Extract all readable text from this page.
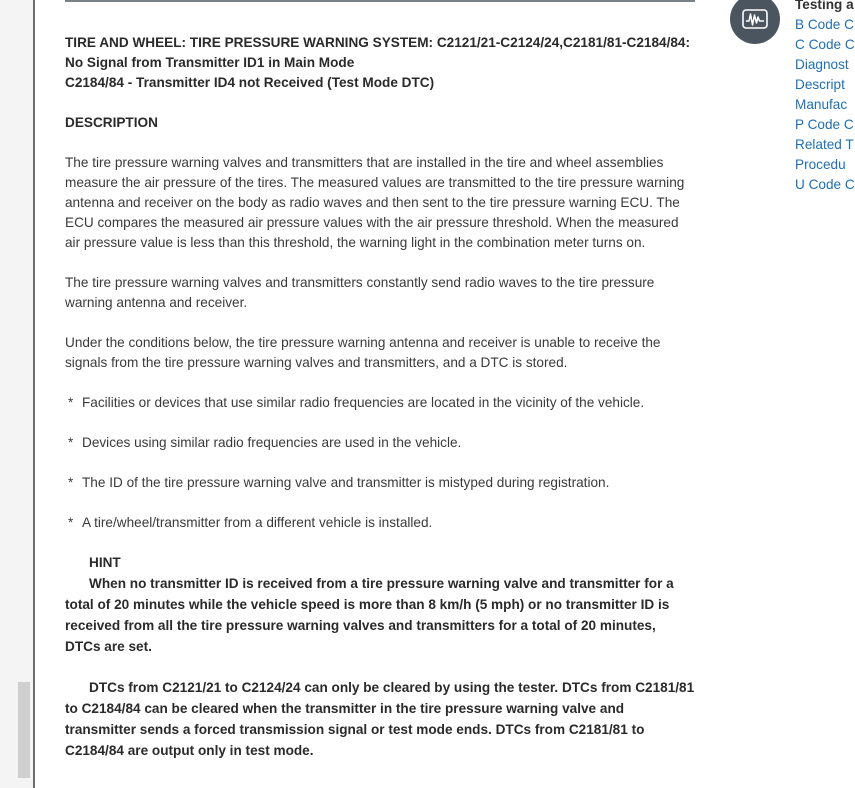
TIRE AND WHEEL: TIRE PRESSURE WARNING SYSTEM: C2121/21-C2124/24,C2181/81-C2184/84: No Signal from Transmitter ID1 in Main Mode
C2184/84 - Transmitter ID4 not Received (Test Mode DTC)
DESCRIPTION

The tire pressure warning valves and transmitters that are installed in the tire and wheel assemblies measure the air pressure of the tires. The measured values are transmitted to the tire pressure warning antenna and receiver on the body as radio waves and then sent to the tire pressure warning ECU. The ECU compares the measured air pressure values with the air pressure threshold. When the measured air pressure value is less than this threshold, the warning light in the combination meter turns on.

The tire pressure warning valves and transmitters constantly send radio waves to the tire pressure warning antenna and receiver.

Under the conditions below, the tire pressure warning antenna and receiver is unable to receive the signals from the tire pressure warning valves and transmitters, and a DTC is stored.

* Facilities or devices that use similar radio frequencies are located in the vicinity of the vehicle.
* Devices using similar radio frequencies are used in the vehicle.
* The ID of the tire pressure warning valve and transmitter is mistyped during registration.
* A tire/wheel/transmitter from a different vehicle is installed.
HINT
When no transmitter ID is received from a tire pressure warning valve and transmitter for a total of 20 minutes while the vehicle speed is more than 8 km/h (5 mph) or no transmitter ID is received from all the tire pressure warning valves and transmitters for a total of 20 minutes, DTCs are set.
DTCs from C2121/21 to C2124/24 can only be cleared by using the tester. DTCs from C2181/81 to C2184/84 can be cleared when the transmitter in the tire pressure warning valve and transmitter sends a forced transmission signal or test mode ends. DTCs from C2181/81 to C2184/84 are output only in test mode.
Testing a
B Code C
C Code C
Diagnost
Descript
Manufac
P Code C
Related T
Procedu
U Code C
